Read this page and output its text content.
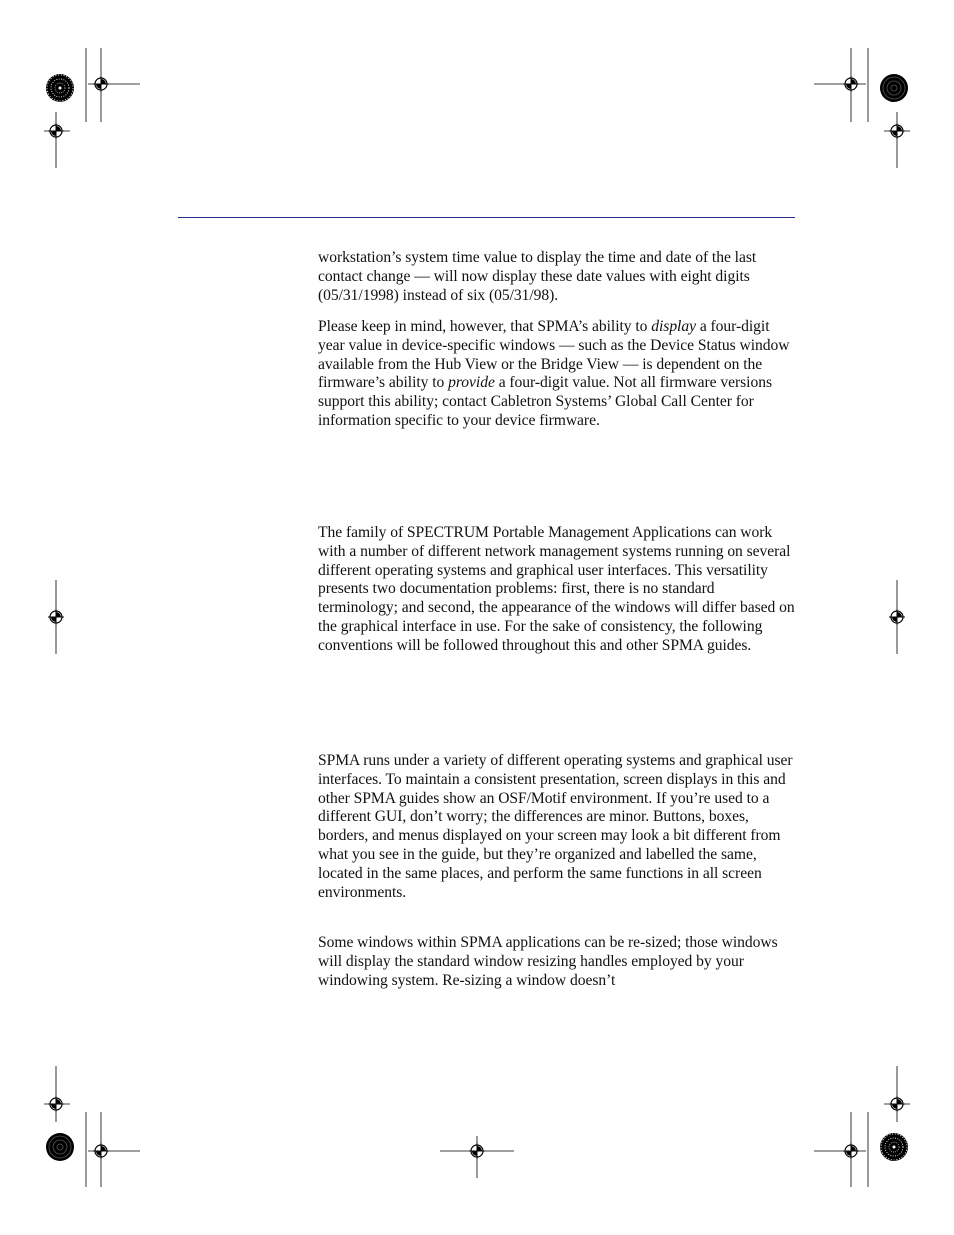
workstation’s system time value to display the time and date of the last contact change — will now display these date values with eight digits (05/31/1998) instead of six (05/31/98).

Please keep in mind, however, that SPMA’s ability to display a four-digit year value in device-specific windows — such as the Device Status window available from the Hub View or the Bridge View — is dependent on the firmware’s ability to provide a four-digit value. Not all firmware versions support this ability; contact Cabletron Systems’ Global Call Center for information specific to your device firmware.

The family of SPECTRUM Portable Management Applications can work with a number of different network management systems running on several different operating systems and graphical user interfaces. This versatility presents two documentation problems: first, there is no standard terminology; and second, the appearance of the windows will differ based on the graphical interface in use. For the sake of consistency, the following conventions will be followed throughout this and other SPMA guides.

SPMA runs under a variety of different operating systems and graphical user interfaces. To maintain a consistent presentation, screen displays in this and other SPMA guides show an OSF/Motif environment. If you’re used to a different GUI, don’t worry; the differences are minor. Buttons, boxes, borders, and menus displayed on your screen may look a bit different from what you see in the guide, but they’re organized and labelled the same, located in the same places, and perform the same functions in all screen environments.

Some windows within SPMA applications can be re-sized; those windows will display the standard window resizing handles employed by your windowing system. Re-sizing a window doesn’t
